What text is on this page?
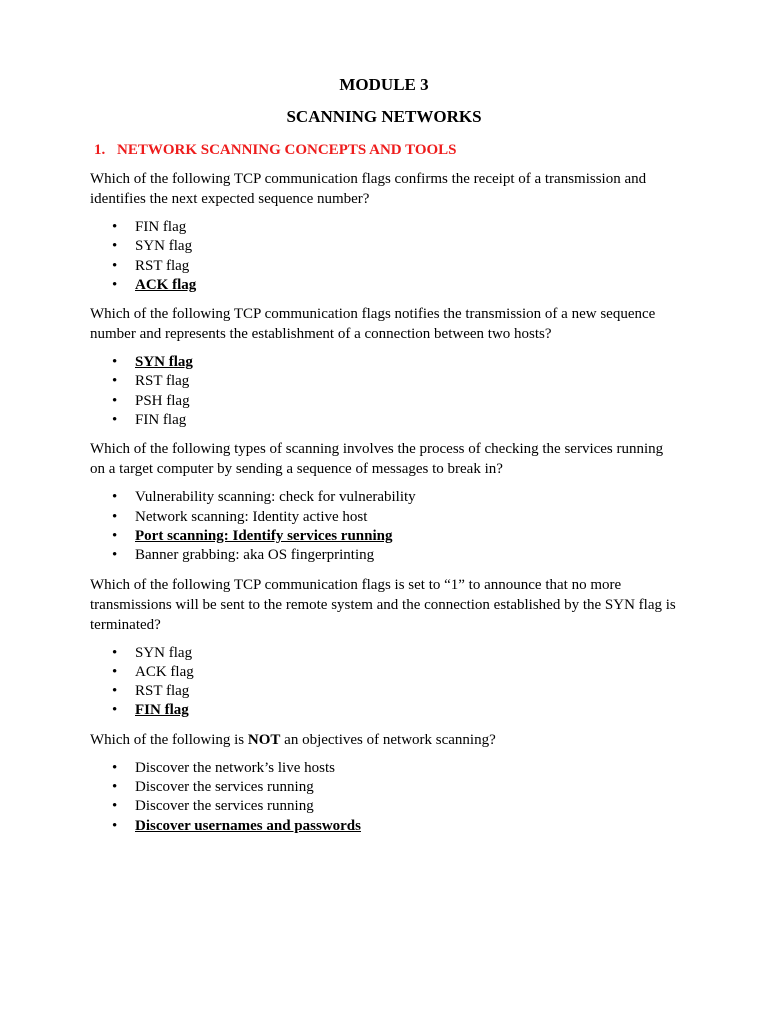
MODULE 3

SCANNING NETWORKS

1. NETWORK SCANNING CONCEPTS AND TOOLS

Which of the following TCP communication flags confirms the receipt of a transmission and identifies the next expected sequence number?

• FIN flag
• SYN flag
• RST flag
• ACK flag

Which of the following TCP communication flags notifies the transmission of a new sequence number and represents the establishment of a connection between two hosts?

• SYN flag
• RST flag
• PSH flag
• FIN flag

Which of the following types of scanning involves the process of checking the services running on a target computer by sending a sequence of messages to break in?

• Vulnerability scanning: check for vulnerability
• Network scanning: Identity active host
• Port scanning: Identify services running
• Banner grabbing: aka OS fingerprinting

Which of the following TCP communication flags is set to “1” to announce that no more transmissions will be sent to the remote system and the connection established by the SYN flag is terminated?

• SYN flag
• ACK flag
• RST flag
• FIN flag

Which of the following is NOT an objectives of network scanning?

• Discover the network’s live hosts
• Discover the services running
• Discover the services running
• Discover usernames and passwords
